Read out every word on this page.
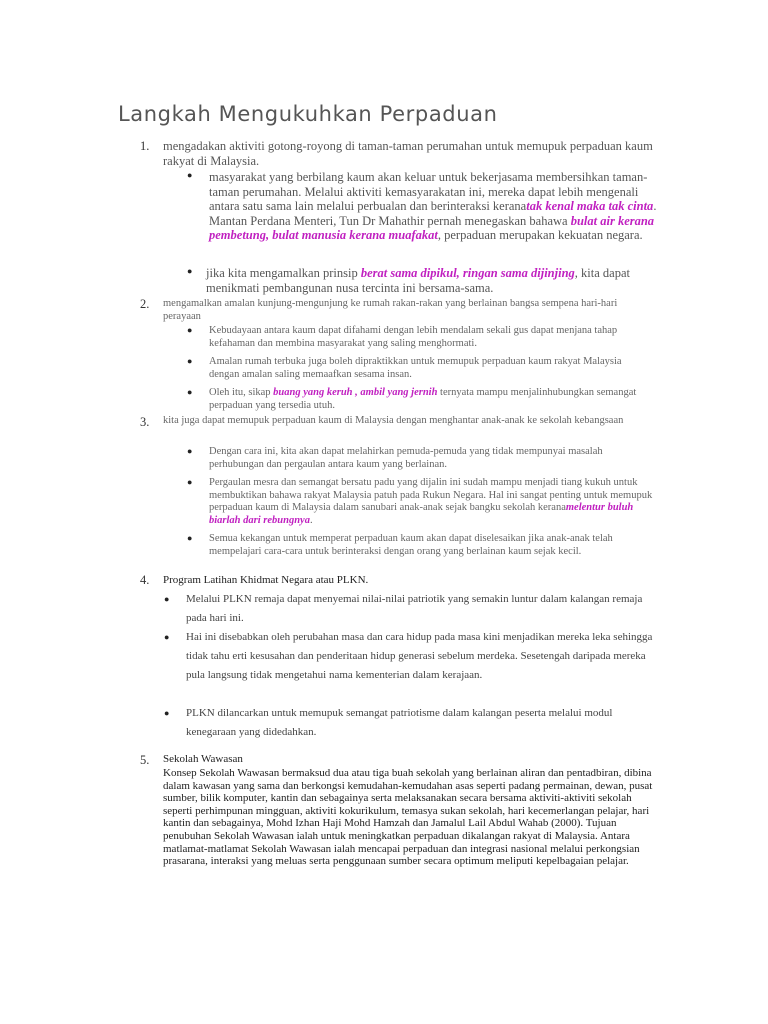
Langkah Mengukuhkan Perpaduan
1. mengadakan aktiviti gotong-royong di taman-taman perumahan untuk memupuk perpaduan kaum rakyat di Malaysia.
● masyarakat yang berbilang kaum akan keluar untuk bekerjasama membersihkan taman-taman perumahan. Melalui aktiviti kemasyarakatan ini, mereka dapat lebih mengenali antara satu sama lain melalui perbualan dan berinteraksi keranatak kenal maka tak cinta. Mantan Perdana Menteri, Tun Dr Mahathir pernah menegaskan bahawa bulat air kerana pembetung, bulat manusia kerana muafakat, perpaduan merupakan kekuatan negara.
● jika kita mengamalkan prinsip berat sama dipikul, ringan sama dijinjing, kita dapat menikmati pembangunan nusa tercinta ini bersama-sama.
2. mengamalkan amalan kunjung-mengunjung ke rumah rakan-rakan yang berlainan bangsa sempena hari-hari perayaan
● Kebudayaan antara kaum dapat difahami dengan lebih mendalam sekali gus dapat menjana tahap kefahaman dan membina masyarakat yang saling menghormati.
● Amalan rumah terbuka juga boleh dipraktikkan untuk memupuk perpaduan kaum rakyat Malaysia dengan amalan saling memaafkan sesama insan.
● Oleh itu, sikap buang yang keruh , ambil yang jernih ternyata mampu menjalinhubungkan semangat perpaduan yang tersedia utuh.
3. kita juga dapat memupuk perpaduan kaum di Malaysia dengan menghantar anak-anak ke sekolah kebangsaan
● Dengan cara ini, kita akan dapat melahirkan pemuda-pemuda yang tidak mempunyai masalah perhubungan dan pergaulan antara kaum yang berlainan.
● Pergaulan mesra dan semangat bersatu padu yang dijalin ini sudah mampu menjadi tiang kukuh untuk membuktikan bahawa rakyat Malaysia patuh pada Rukun Negara. Hal ini sangat penting untuk memupuk perpaduan kaum di Malaysia dalam sanubari anak-anak sejak bangku sekolah keranamelentur buluh biarlah dari rebungnya.
● Semua kekangan untuk memperat perpaduan kaum akan dapat diselesaikan jika anak-anak telah mempelajari cara-cara untuk berinteraksi dengan orang yang berlainan kaum sejak kecil.
4. Program Latihan Khidmat Negara atau PLKN.
● Melalui PLKN remaja dapat menyemai nilai-nilai patriotik yang semakin luntur dalam kalangan remaja pada hari ini.
● Hai ini disebabkan oleh perubahan masa dan cara hidup pada masa kini menjadikan mereka leka sehingga tidak tahu erti kesusahan dan penderitaan hidup generasi sebelum merdeka. Sesetengah daripada mereka pula langsung tidak mengetahui nama kementerian dalam kerajaan.
● PLKN dilancarkan untuk memupuk semangat patriotisme dalam kalangan peserta melalui modul kenegaraan yang didedahkan.
5. Sekolah Wawasan
Konsep Sekolah Wawasan bermaksud dua atau tiga buah sekolah yang berlainan aliran dan pentadbiran, dibina dalam kawasan yang sama dan berkongsi kemudahan-kemudahan asas seperti padang permainan, dewan, pusat sumber, bilik komputer, kantin dan sebagainya serta melaksanakan secara bersama aktiviti-aktiviti sekolah seperti perhimpunan mingguan, aktiviti kokurikulum, temasya sukan sekolah, hari kecemerlangan pelajar, hari kantin dan sebagainya, Mohd Izhan Haji Mohd Hamzah dan Jamalul Lail Abdul Wahab (2000). Tujuan penubuhan Sekolah Wawasan ialah untuk meningkatkan perpaduan dikalangan rakyat di Malaysia. Antara matlamat-matlamat Sekolah Wawasan ialah mencapai perpaduan dan integrasi nasional melalui perkongsian prasarana, interaksi yang meluas serta penggunaan sumber secara optimum meliputi kepelbagaian pelajar.
